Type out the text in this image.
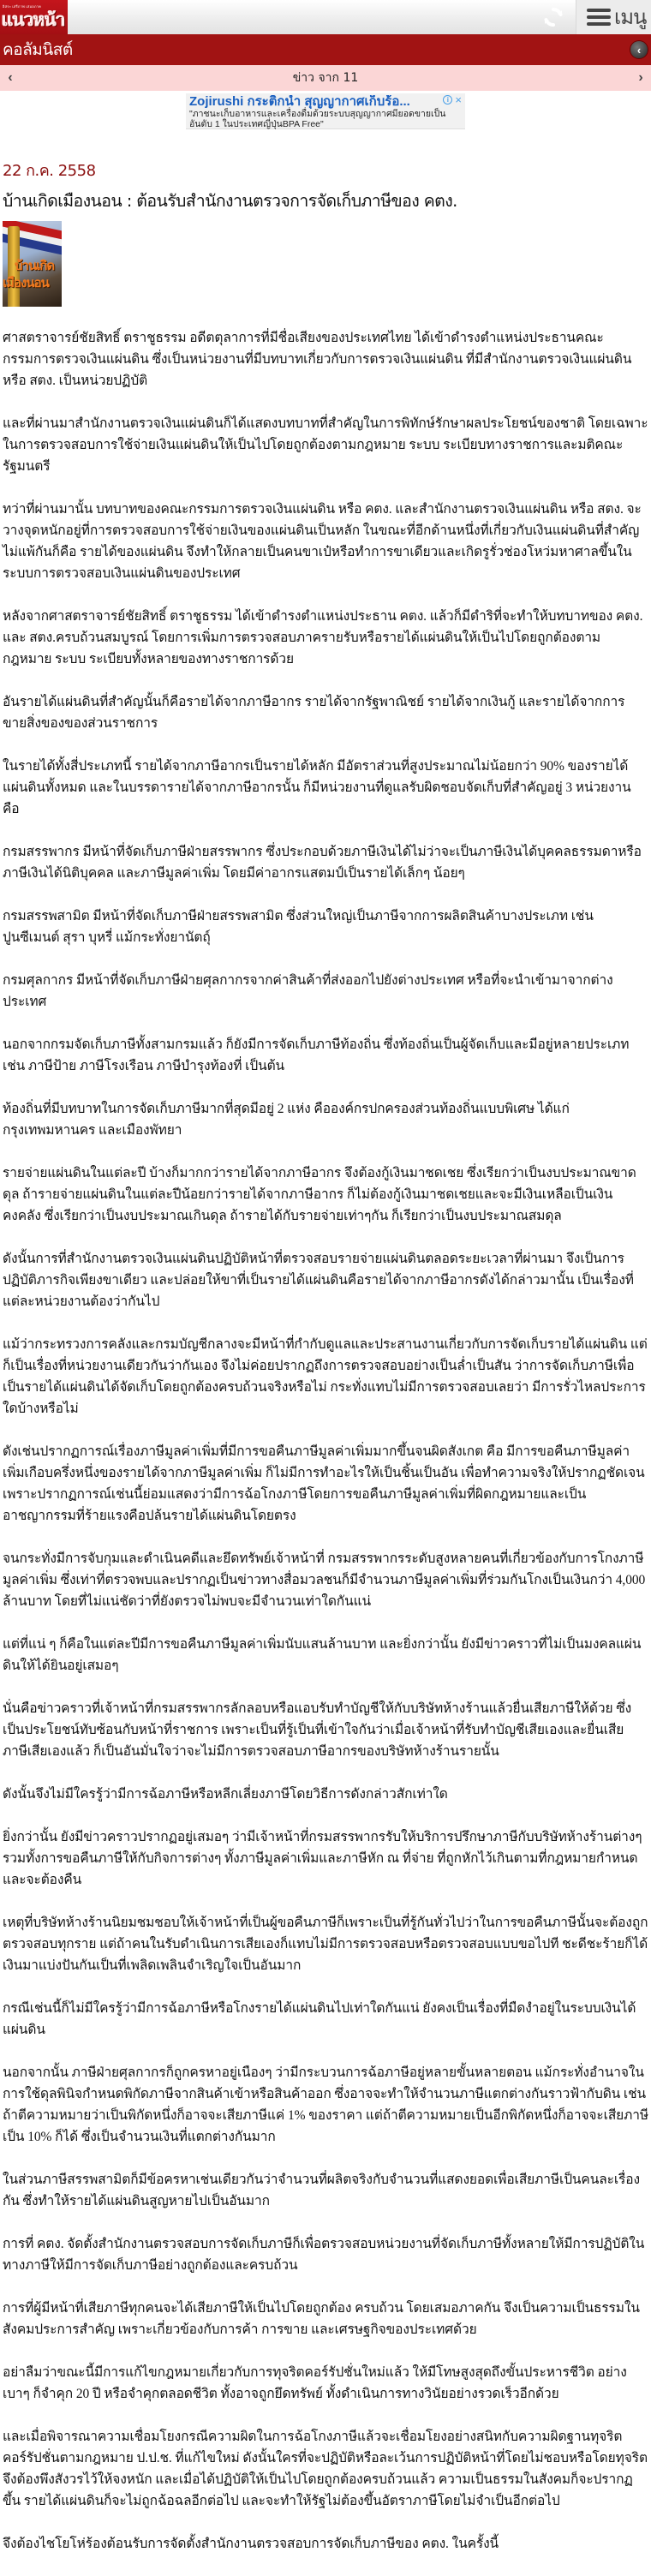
อิสระ เสรีภาพ เสมอภาค
แนวหน้า	เมนู
คอลัมนิสต์	‹
‹	ข่าว จาก 11	›
Zojirushi กระติกน้ำ สุญญากาศเก็บร้อ...
"ภาชนะเก็บอาหารและเครื่องดื่มด้วยระบบสุญญากาศมียอดขายเป็นอันดับ 1 ในประเทศญี่ปุ่นBPA Free"
i ×
22 ก.ค. 2558
บ้านเกิดเมืองนอน : ต้อนรับสำนักงานตรวจการจัดเก็บภาษีของ คตง.
บ้านเกิด
เมืองนอน

ศาสตราจารย์ชัยสิทธิ์ ตราชูธรรม อดีตตุลาการที่มีชื่อเสียงของประเทศไทย ได้เข้าดำรงตำแหน่งประธานคณะกรรมการตรวจเงินแผ่นดิน ซึ่งเป็นหน่วยงานที่มีบทบาทเกี่ยวกับการตรวจเงินแผ่นดิน ที่มีสำนักงานตรวจเงินแผ่นดินหรือ สตง. เป็นหน่วยปฏิบัติ

และที่ผ่านมาสำนักงานตรวจเงินแผ่นดินก็ได้แสดงบทบาทที่สำคัญในการพิทักษ์รักษาผลประโยชน์ของชาติ โดยเฉพาะในการตรวจสอบการใช้จ่ายเงินแผ่นดินให้เป็นไปโดยถูกต้องตามกฎหมาย ระบบ ระเบียบทางราชการและมติคณะรัฐมนตรี

ทว่าที่ผ่านมานั้น บทบาทของคณะกรรมการตรวจเงินแผ่นดิน หรือ คตง. และสำนักงานตรวจเงินแผ่นดิน หรือ สตง. จะวางจุดหนักอยู่ที่การตรวจสอบการใช้จ่ายเงินของแผ่นดินเป็นหลัก ในขณะที่อีกด้านหนึ่งที่เกี่ยวกับเงินแผ่นดินที่สำคัญไม่แพ้กันก็คือ รายได้ของแผ่นดิน จึงทำให้กลายเป็นคนขาเป๋หรือทำการขาเดียวและเกิดรูรั่วช่องโหว่มหาศาลขึ้นในระบบการตรวจสอบเงินแผ่นดินของประเทศ

หลังจากศาสตราจารย์ชัยสิทธิ์ ตราชูธรรม ได้เข้าดำรงตำแหน่งประธาน คตง. แล้วก็มีดำริที่จะทำให้บทบาทของ คตง. และ สตง.ครบถ้วนสมบูรณ์ โดยการเพิ่มการตรวจสอบภาครายรับหรือรายได้แผ่นดินให้เป็นไปโดยถูกต้องตามกฎหมาย ระบบ ระเบียบทั้งหลายของทางราชการด้วย

อันรายได้แผ่นดินที่สำคัญนั้นก็คือรายได้จากภาษีอากร รายได้จากรัฐพาณิชย์ รายได้จากเงินกู้ และรายได้จากการขายสิ่งของของส่วนราชการ

ในรายได้ทั้งสี่ประเภทนี้ รายได้จากภาษีอากรเป็นรายได้หลัก มีอัตราส่วนที่สูงประมาณไม่น้อยกว่า 90% ของรายได้แผ่นดินทั้งหมด และในบรรดารายได้จากภาษีอากรนั้น ก็มีหน่วยงานที่ดูแลรับผิดชอบจัดเก็บที่สำคัญอยู่ 3 หน่วยงาน คือ

กรมสรรพากร มีหน้าที่จัดเก็บภาษีฝ่ายสรรพากร ซึ่งประกอบด้วยภาษีเงินได้ไม่ว่าจะเป็นภาษีเงินได้บุคคลธรรมดาหรือภาษีเงินได้นิติบุคคล และภาษีมูลค่าเพิ่ม โดยมีค่าอากรแสตมป์เป็นรายได้เล็กๆ น้อยๆ

กรมสรรพสามิต มีหน้าที่จัดเก็บภาษีฝ่ายสรรพสามิต ซึ่งส่วนใหญ่เป็นภาษีจากการผลิตสินค้าบางประเภท เช่น ปูนซีเมนต์ สุรา บุหรี่ แม้กระทั่งยานัตถ์ุ

กรมศุลกากร มีหน้าที่จัดเก็บภาษีฝ่ายศุลกากรจากค่าสินค้าที่ส่งออกไปยังต่างประเทศ หรือที่จะนำเข้ามาจากต่างประเทศ

นอกจากกรมจัดเก็บภาษีทั้งสามกรมแล้ว ก็ยังมีการจัดเก็บภาษีท้องถิ่น ซึ่งท้องถิ่นเป็นผู้จัดเก็บและมีอยู่หลายประเภท เช่น ภาษีป้าย ภาษีโรงเรือน ภาษีบำรุงท้องที่ เป็นต้น

ท้องถิ่นที่มีบทบาทในการจัดเก็บภาษีมากที่สุดมีอยู่ 2 แห่ง คือองค์กรปกครองส่วนท้องถิ่นแบบพิเศษ ได้แก่กรุงเทพมหานคร และเมืองพัทยา

รายจ่ายแผ่นดินในแต่ละปี บ้างก็มากกว่ารายได้จากภาษีอากร จึงต้องกู้เงินมาชดเชย ซึ่งเรียกว่าเป็นงบประมาณขาดดุล ถ้ารายจ่ายแผ่นดินในแต่ละปีน้อยกว่ารายได้จากภาษีอากร ก็ไม่ต้องกู้เงินมาชดเชยและจะมีเงินเหลือเป็นเงินคงคลัง ซึ่งเรียกว่าเป็นงบประมาณเกินดุล ถ้ารายได้กับรายจ่ายเท่าๆกัน ก็เรียกว่าเป็นงบประมาณสมดุล

ดังนั้นการที่สำนักงานตรวจเงินแผ่นดินปฏิบัติหน้าที่ตรวจสอบรายจ่ายแผ่นดินตลอดระยะเวลาที่ผ่านมา จึงเป็นการปฏิบัติภารกิจเพียงขาเดียว และปล่อยให้ขาที่เป็นรายได้แผ่นดินคือรายได้จากภาษีอากรดังได้กล่าวมานั้น เป็นเรื่องที่แต่ละหน่วยงานต้องว่ากันไป

แม้ว่ากระทรวงการคลังและกรมบัญชีกลางจะมีหน้าที่กำกับดูแลและประสานงานเกี่ยวกับการจัดเก็บรายได้แผ่นดิน แต่ก็เป็นเรื่องที่หน่วยงานเดียวกันว่ากันเอง จึงไม่ค่อยปรากฏถึงการตรวจสอบอย่างเป็นล่ำเป็นสัน ว่าการจัดเก็บภาษีเพื่อเป็นรายได้แผ่นดินได้จัดเก็บโดยถูกต้องครบถ้วนจริงหรือไม่ กระทั่งแทบไม่มีการตรวจสอบเลยว่า มีการรั่วไหลประการใดบ้างหรือไม่

ดังเช่นปรากฏการณ์เรื่องภาษีมูลค่าเพิ่มที่มีการขอคืนภาษีมูลค่าเพิ่มมากขึ้นจนผิดสังเกต คือ มีการขอคืนภาษีมูลค่าเพิ่มเกือบครึ่งหนึ่งของรายได้จากภาษีมูลค่าเพิ่ม ก็ไม่มีการทำอะไรให้เป็นชิ้นเป็นอัน เพื่อทำความจริงให้ปรากฏชัดเจน เพราะปรากฏการณ์เช่นนี้ย่อมแสดงว่ามีการฉ้อโกงภาษีโดยการขอคืนภาษีมูลค่าเพิ่มที่ผิดกฎหมายและเป็นอาชญากรรมที่ร้ายแรงคือปล้นรายได้แผ่นดินโดยตรง

จนกระทั่งมีการจับกุมและดำเนินคดีและยึดทรัพย์เจ้าหน้าที่ กรมสรรพากรระดับสูงหลายคนที่เกี่ยวข้องกับการโกงภาษีมูลค่าเพิ่ม ซึ่งเท่าที่ตรวจพบและปรากฏเป็นข่าวทางสื่อมวลชนก็มีจำนวนภาษีมูลค่าเพิ่มที่ร่วมกันโกงเป็นเงินกว่า 4,000 ล้านบาท โดยที่ไม่แน่ชัดว่าที่ยังตรวจไม่พบจะมีจำนวนเท่าใดกันแน่

แต่ที่แน่ ๆ ก็คือในแต่ละปีมีการขอคืนภาษีมูลค่าเพิ่มนับแสนล้านบาท และยิ่งกว่านั้น ยังมีข่าวคราวที่ไม่เป็นมงคลแผ่นดินให้ได้ยินอยู่เสมอๆ

นั่นคือข่าวคราวที่เจ้าหน้าที่กรมสรรพากรลักลอบหรือแอบรับทำบัญชีให้กับบริษัทห้างร้านแล้วยื่นเสียภาษีให้ด้วย ซึ่งเป็นประโยชน์ทับซ้อนกับหน้าที่ราชการ เพราะเป็นที่รู้เป็นที่เข้าใจกันว่าเมื่อเจ้าหน้าที่รับทำบัญชีเสียเองและยื่นเสียภาษีเสียเองแล้ว ก็เป็นอันมั่นใจว่าจะไม่มีการตรวจสอบภาษีอากรของบริษัทห้างร้านรายนั้น

ดังนั้นจึงไม่มีใครรู้ว่ามีการฉ้อภาษีหรือหลีกเลี่ยงภาษีโดยวิธีการดังกล่าวสักเท่าใด

ยิ่งกว่านั้น ยังมีข่าวคราวปรากฏอยู่เสมอๆ ว่ามีเจ้าหน้าที่กรมสรรพากรรับให้บริการปรึกษาภาษีกับบริษัทห้างร้านต่างๆ รวมทั้งการขอคืนภาษีให้กับกิจการต่างๆ ทั้งภาษีมูลค่าเพิ่มและภาษีหัก ณ ที่จ่าย ที่ถูกหักไว้เกินตามที่กฎหมายกำหนดและจะต้องคืน

เหตุที่บริษัทห้างร้านนิยมชมชอบให้เจ้าหน้าที่เป็นผู้ขอคืนภาษีก็เพราะเป็นที่รู้กันทั่วไปว่าในการขอคืนภาษีนั้นจะต้องถูกตรวจสอบทุกราย แต่ถ้าคนในรับดำเนินการเสียเองก็แทบไม่มีการตรวจสอบหรือตรวจสอบแบบขอไปที ชะดีชะร้ายก็ได้เงินมาแบ่งปันกันเป็นที่เพลิดเพลินจำเริญใจเป็นอันมาก

กรณีเช่นนี้ก็ไม่มีใครรู้ว่ามีการฉ้อภาษีหรือโกงรายได้แผ่นดินไปเท่าใดกันแน่ ยังคงเป็นเรื่องที่มืดงำอยู่ในระบบเงินได้แผ่นดิน

นอกจากนั้น ภาษีฝ่ายศุลกากรก็ถูกครหาอยู่เนืองๆ ว่ามีกระบวนการฉ้อภาษีอยู่หลายขั้นหลายตอน แม้กระทั่งอำนาจในการใช้ดุลพินิจกำหนดพิกัดภาษีจากสินค้าเข้าหรือสินค้าออก ซึ่งอาจจะทำให้จำนวนภาษีแตกต่างกันราวฟ้ากับดิน เช่น ถ้าตีความหมายว่าเป็นพิกัดหนึ่งก็อาจจะเสียภาษีแค่ 1% ของราคา แต่ถ้าตีความหมายเป็นอีกพิกัดหนึ่งก็อาจจะเสียภาษีเป็น 10% ก็ได้ ซึ่งเป็นจำนวนเงินที่แตกต่างกันมาก

ในส่วนภาษีสรรพสามิตก็มีข้อครหาเช่นเดียวกันว่าจำนวนที่ผลิตจริงกับจำนวนที่แสดงยอดเพื่อเสียภาษีเป็นคนละเรื่องกัน ซึ่งทำให้รายได้แผ่นดินสูญหายไปเป็นอันมาก

การที่ คตง. จัดตั้งสำนักงานตรวจสอบการจัดเก็บภาษีก็เพื่อตรวจสอบหน่วยงานที่จัดเก็บภาษีทั้งหลายให้มีการปฏิบัติในทางภาษีให้มีการจัดเก็บภาษีอย่างถูกต้องและครบถ้วน

การที่ผู้มีหน้าที่เสียภาษีทุกคนจะได้เสียภาษีให้เป็นไปโดยถูกต้อง ครบถ้วน โดยเสมอภาคกัน จึงเป็นความเป็นธรรมในสังคมประการสำคัญ เพราะเกี่ยวข้องกับการค้า การขาย และเศรษฐกิจของประเทศด้วย

อย่าลืมว่าขณะนี้มีการแก้ไขกฎหมายเกี่ยวกับการทุจริตคอร์รัปชั่นใหม่แล้ว ให้มีโทษสูงสุดถึงขั้นประหารชีวิต อย่างเบาๆ ก็จำคุก 20 ปี หรือจำคุกตลอดชีวิต ทั้งอาจถูกยึดทรัพย์ ทั้งดำเนินการทางวินัยอย่างรวดเร็วอีกด้วย

และเมื่อพิจารณาความเชื่อมโยงกรณีความผิดในการฉ้อโกงภาษีแล้วจะเชื่อมโยงอย่างสนิทกับความผิดฐานทุจริตคอร์รัปชั่นตามกฎหมาย ป.ป.ช. ที่แก้ไขใหม่ ดังนั้นใครที่จะปฏิบัติหรือละเว้นการปฏิบัติหน้าที่โดยไม่ชอบหรือโดยทุจริต จึงต้องพึงสังวรไว้ให้จงหนัก และเมื่อได้ปฏิบัติให้เป็นไปโดยถูกต้องครบถ้วนแล้ว ความเป็นธรรมในสังคมก็จะปรากฏขึ้น รายได้แผ่นดินก็จะไม่ถูกฉ้อฉลอีกต่อไป และจะทำให้รัฐไม่ต้องขึ้นอัตราภาษีโดยไม่จำเป็นอีกต่อไป

จึงต้องไชโยโห่ร้องต้อนรับการจัดตั้งสำนักงานตรวจสอบการจัดเก็บภาษีของ คตง. ในครั้งนี้
